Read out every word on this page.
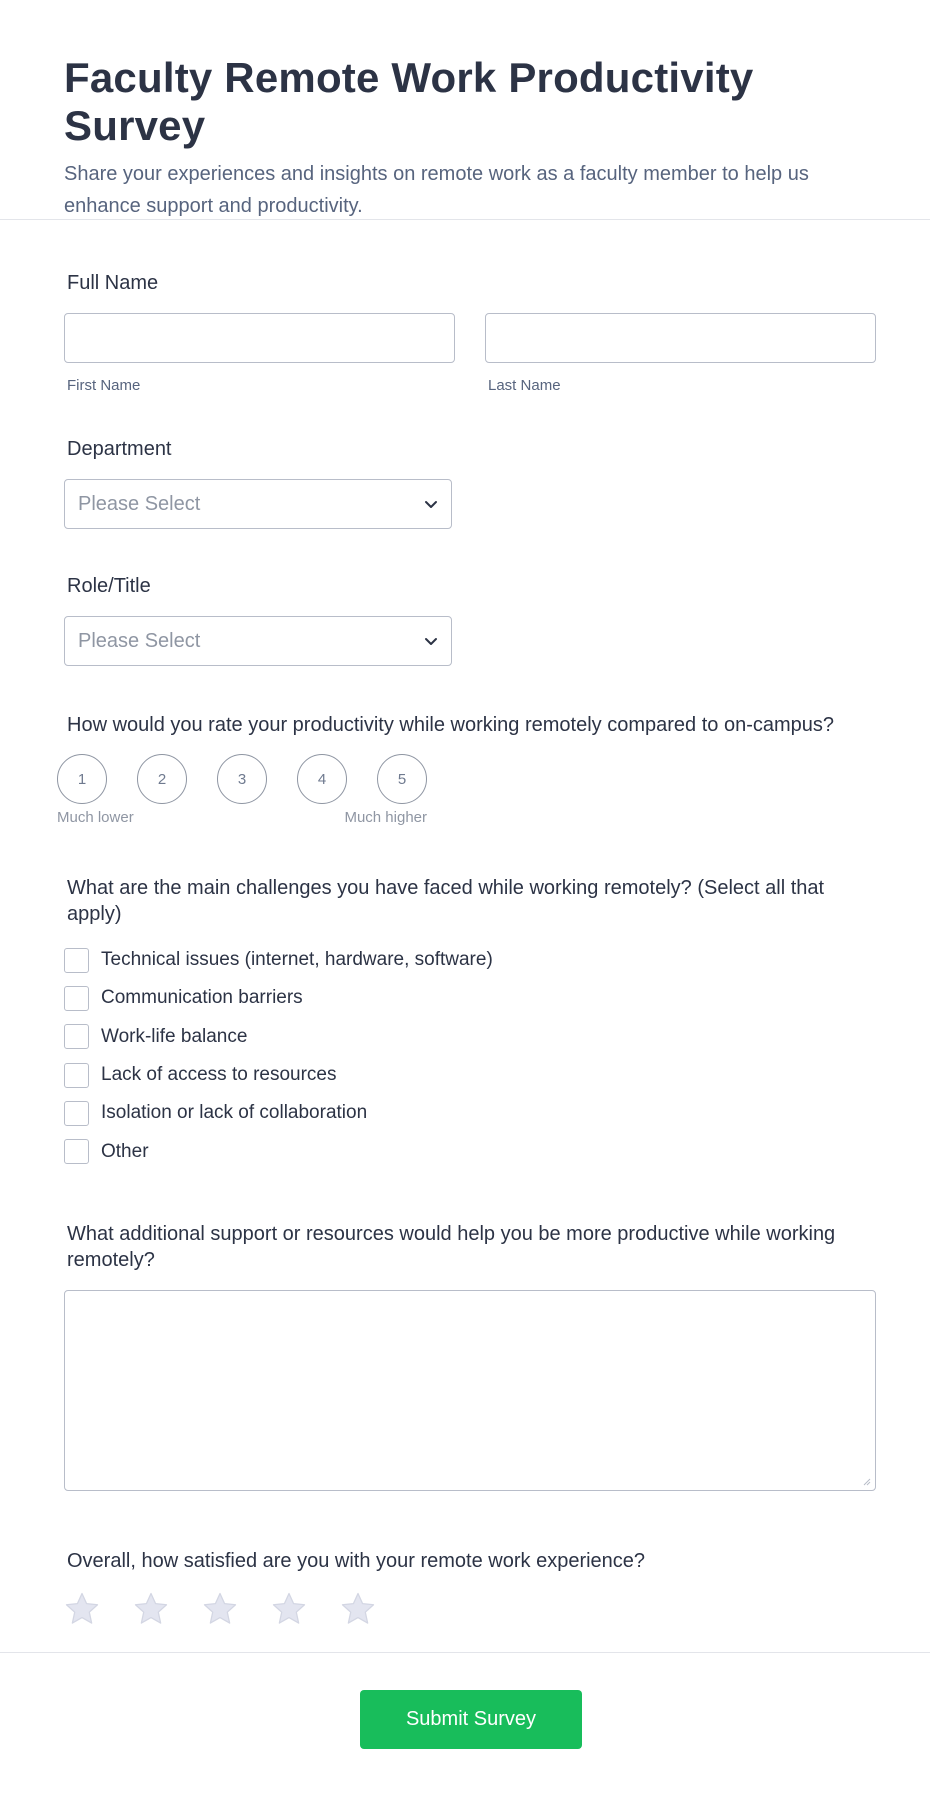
Faculty Remote Work Productivity Survey

Share your experiences and insights on remote work as a faculty member to help us enhance support and productivity.

Full Name
First Name	Last Name
Department
Please Select
Role/Title
Please Select
How would you rate your productivity while working remotely compared to on-campus?
1	2	3	4	5
Much lower	Much higher
What are the main challenges you have faced while working remotely? (Select all that apply)
Technical issues (internet, hardware, software)
Communication barriers
Work-life balance
Lack of access to resources
Isolation or lack of collaboration
Other
What additional support or resources would help you be more productive while working remotely?
Overall, how satisfied are you with your remote work experience?
Submit Survey
